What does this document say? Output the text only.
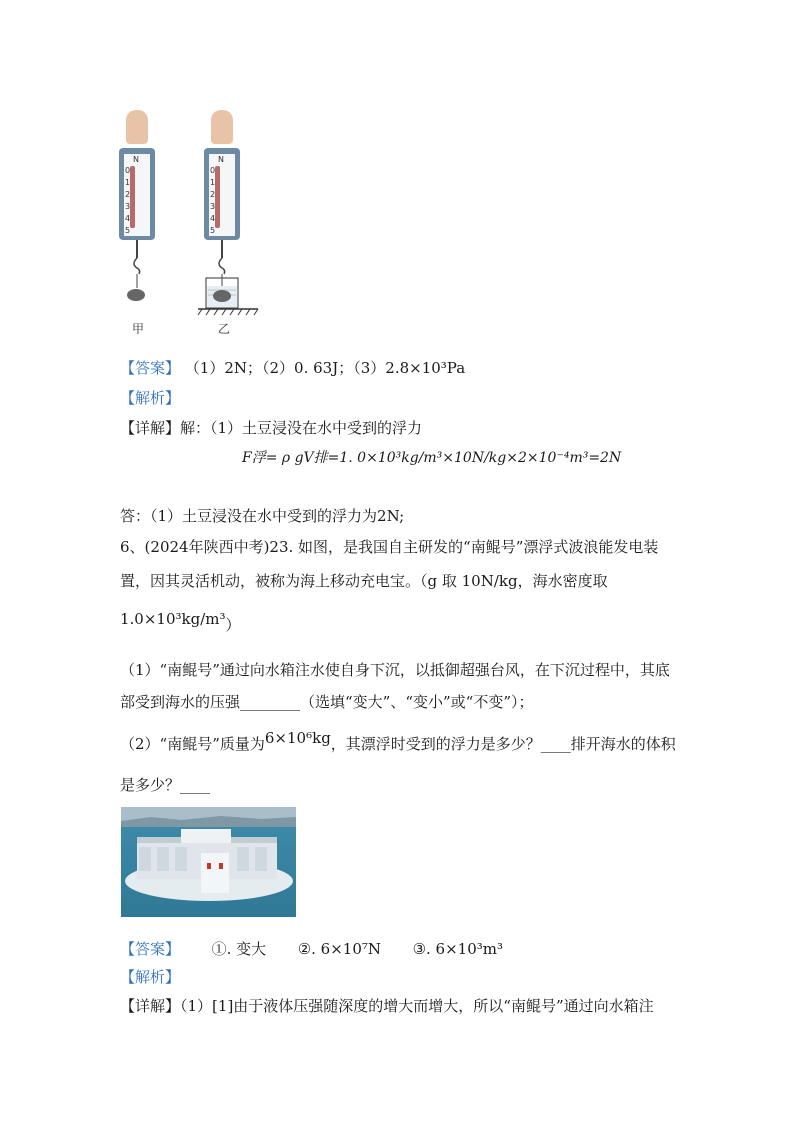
N
0
1
2
3
4
5
甲
N
0
1
2
3
4
5
乙
【答案】 （1）2N；（2）0. 63J；（3）2.8×10³Pa
【解析】
【详解】解：（1）土豆浸没在水中受到的浮力
F浮= ρ gV排=1. 0×10³kg/m³×10N/kg×2×10⁻⁴m³=2N
答：（1）土豆浸没在水中受到的浮力为2N;
6、(2024年陕西中考)23. 如图，是我国自主研发的“南鲲号”漂浮式波浪能发电装
置，因其灵活机动，被称为海上移动充电宝。（g 取 10N/kg，海水密度取
1.0×10³kg/m³）
（1）“南鲲号”通过向水箱注水使自身下沉，以抵御超强台风，在下沉过程中，其底
部受到海水的压强________（选填“变大”、“变小”或“不变”）；
（2）“南鲲号”质量为6×10⁶kg，其漂浮时受到的浮力是多少？____排开海水的体积
是多少？____
【答案】 ①. 变大 ②. 6×10⁷N ③. 6×10³m³
【解析】
【详解】（1）[1]由于液体压强随深度的增大而增大，所以“南鲲号”通过向水箱注
